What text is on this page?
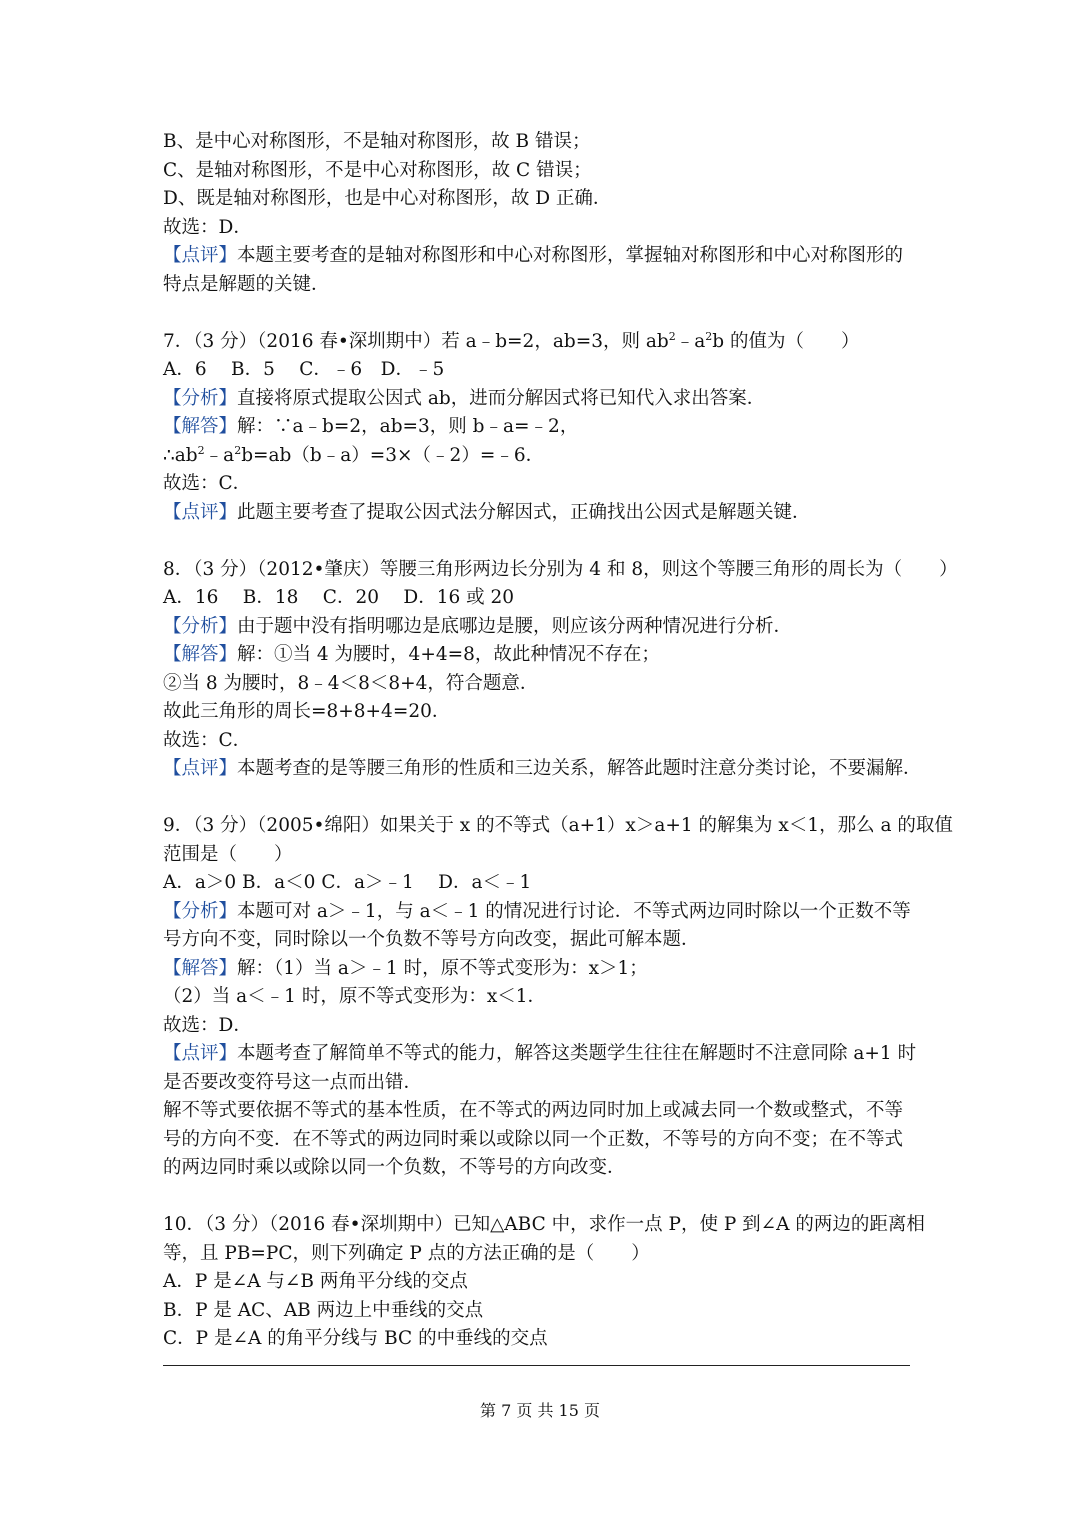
B、是中心对称图形，不是轴对称图形，故 B 错误；
C、是轴对称图形，不是中心对称图形，故 C 错误；
D、既是轴对称图形，也是中心对称图形，故 D 正确．
故选：D．
【点评】本题主要考查的是轴对称图形和中心对称图形，掌握轴对称图形和中心对称图形的
特点是解题的关键．
7．（3 分）（2016 春•深圳期中）若 a﹣b=2，ab=3，则 $ab^2﹣a^2b$ 的值为（　　）
A．6　 B．5　 C．﹣6　D．﹣5
【分析】直接将原式提取公因式 ab，进而分解因式将已知代入求出答案．
【解答】解：∵a﹣b=2，ab=3，则 b﹣a=﹣2，
$\therefore ab^2﹣a^2b=ab(b﹣a)=3\times(﹣2)=﹣6$．
故选：C．
【点评】此题主要考查了提取公因式法分解因式，正确找出公因式是解题关键．
8．（3 分）（2012•肇庆）等腰三角形两边长分别为 4 和 8，则这个等腰三角形的周长为（　　）
A．16　 B．18　 C．20　 D．16 或 20
【分析】由于题中没有指明哪边是底哪边是腰，则应该分两种情况进行分析．
【解答】解：①当 4 为腰时，4+4=8，故此种情况不存在；
②当 8 为腰时，8﹣4＜8＜8+4，符合题意．
故此三角形的周长=8+8+4=20．
故选：C．
【点评】本题考查的是等腰三角形的性质和三边关系，解答此题时注意分类讨论，不要漏解．
9．（3 分）（2005•绵阳）如果关于 x 的不等式（a+1）x＞a+1 的解集为 x＜1，那么 a 的取值
范围是（　　）
A．a＞0 B．a＜0 C．a＞﹣1　 D．a＜﹣1
【分析】本题可对 a＞﹣1，与 a＜﹣1 的情况进行讨论．不等式两边同时除以一个正数不等
号方向不变，同时除以一个负数不等号方向改变，据此可解本题．
【解答】解：（1）当 a＞﹣1 时，原不等式变形为：x＞1；
（2）当 a＜﹣1 时，原不等式变形为：x＜1．
故选：D．
【点评】本题考查了解简单不等式的能力，解答这类题学生往往在解题时不注意同除 a+1 时
是否要改变符号这一点而出错．
解不等式要依据不等式的基本性质，在不等式的两边同时加上或减去同一个数或整式，不等
号的方向不变．在不等式的两边同时乘以或除以同一个正数，不等号的方向不变；在不等式
的两边同时乘以或除以同一个负数，不等号的方向改变．
10．（3 分）（2016 春•深圳期中）已知△ABC 中，求作一点 P，使 P 到∠A 的两边的距离相
等，且 PB=PC，则下列确定 P 点的方法正确的是（　　）
A．P 是∠A 与∠B 两角平分线的交点
B．P 是 AC、AB 两边上中垂线的交点
C．P 是∠A 的角平分线与 BC 的中垂线的交点
第 7 页 共 15 页
